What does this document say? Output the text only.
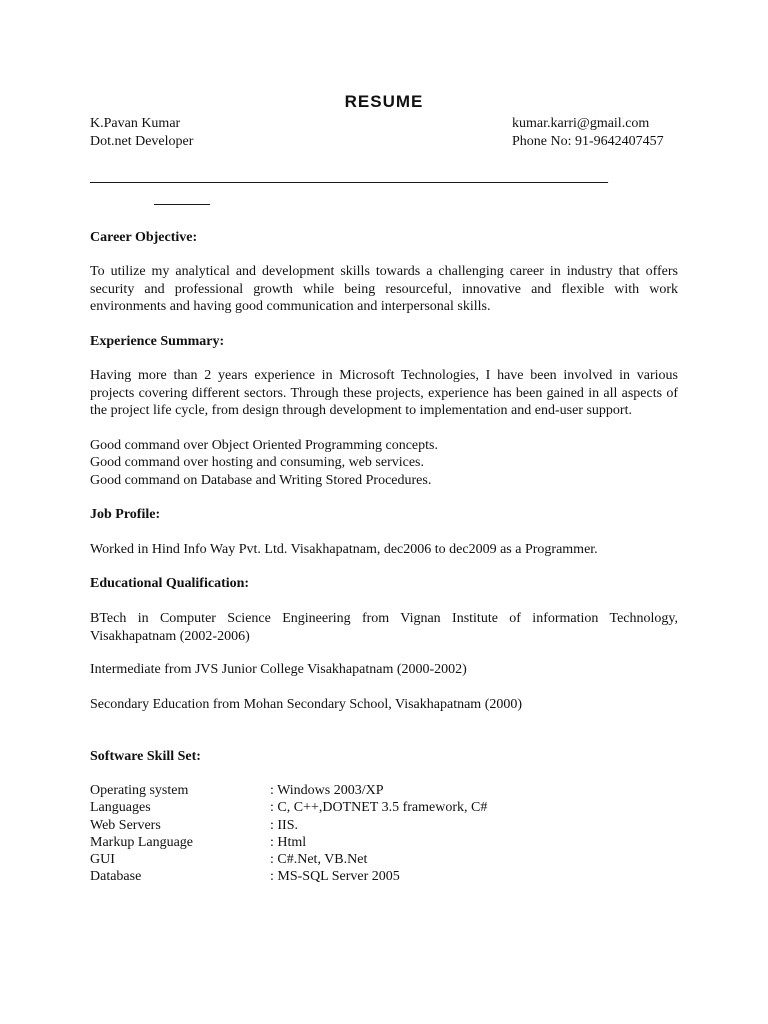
RESUME
K.Pavan Kumar	kumar.karri@gmail.com
Dot.net Developer	Phone No: 91-9642407457
__________________________________________________________________________
________
Career Objective:
To utilize my analytical and development skills towards a challenging career in industry that offers security and professional growth while being resourceful, innovative and flexible with work environments and having good communication and interpersonal skills.
Experience Summary:
Having more than 2 years experience in Microsoft Technologies, I have been involved in various projects covering different sectors. Through these projects, experience has been gained in all aspects of the project life cycle, from design through development to implementation and end-user support.
Good command over Object Oriented Programming concepts.
Good command over hosting and consuming, web services.
Good command on Database and Writing Stored Procedures.
Job Profile:
Worked in Hind Info Way Pvt. Ltd. Visakhapatnam, dec2006 to dec2009 as a Programmer.
Educational Qualification:
BTech in Computer Science Engineering from Vignan Institute of information Technology, Visakhapatnam (2002-2006)
Intermediate from JVS Junior College Visakhapatnam (2000-2002)
Secondary Education from Mohan Secondary School, Visakhapatnam (2000)
Software Skill Set:
Operating system	: Windows 2003/XP
Languages	: C, C++,DOTNET 3.5 framework, C#
Web Servers	: IIS.
Markup Language	: Html
GUI	: C#.Net, VB.Net
Database	: MS-SQL Server 2005
